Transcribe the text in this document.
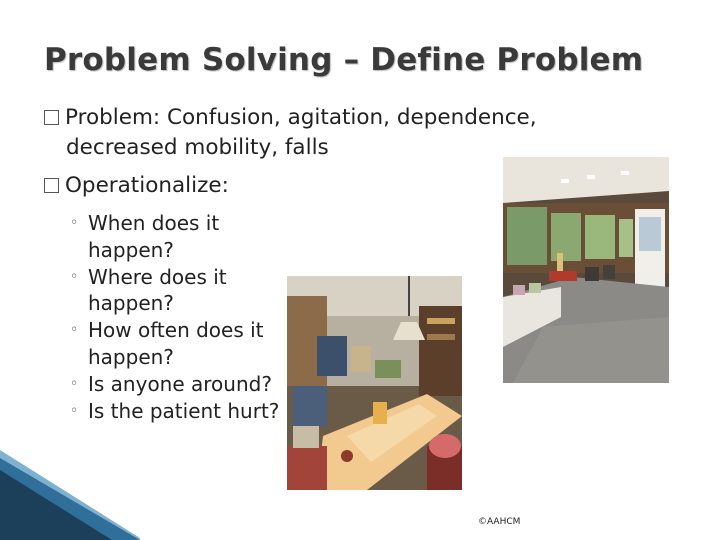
Problem Solving – Define Problem
Problem: Confusion, agitation, dependence,
decreased mobility, falls
Operationalize:
◦ When does it happen?
◦ Where does it happen?
◦ How often does it happen?
◦ Is anyone around?
◦ Is the patient hurt?
©AAHCM
